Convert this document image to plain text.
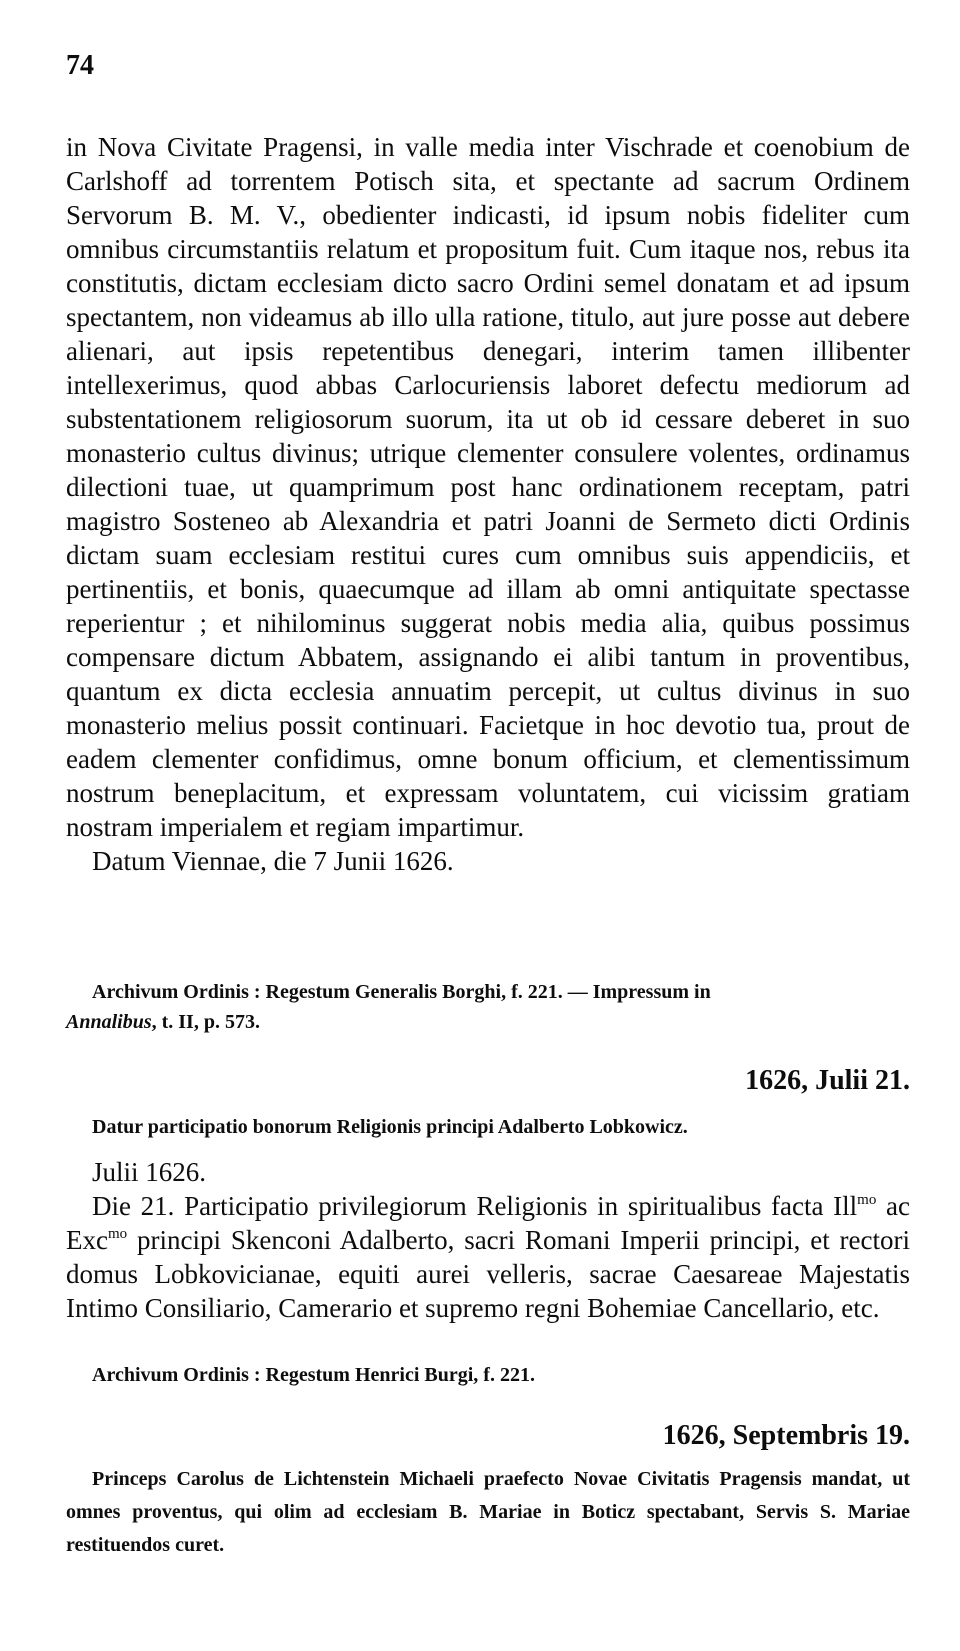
74

in Nova Civitate Pragensi, in valle media inter Vischrade et coenobium de Carlshoff ad torrentem Potisch sita, et spectante ad sacrum Ordinem Servorum B. M. V., obedienter indicasti, id ipsum nobis fideliter cum omnibus circumstantiis relatum et propositum fuit. Cum itaque nos, rebus ita constitutis, dictam ecclesiam dicto sacro Ordini semel donatam et ad ipsum spectantem, non videamus ab illo ulla ratione, titulo, aut jure posse aut debere alienari, aut ipsis repetentibus denegari, interim tamen illibenter intellexerimus, quod abbas Carlocuriensis laboret defectu mediorum ad substentationem religiosorum suorum, ita ut ob id cessare deberet in suo monasterio cultus divinus; utrique clementer consulere volentes, ordinamus dilectioni tuae, ut quamprimum post hanc ordinationem receptam, patri magistro Sosteneo ab Alexandria et patri Joanni de Sermeto dicti Ordinis dictam suam ecclesiam restitui cures cum omnibus suis appendiciis, et pertinentiis, et bonis, quaecumque ad illam ab omni antiquitate spectasse reperientur ; et nihilominus suggerat nobis media alia, quibus possimus compensare dictum Abbatem, assignando ei alibi tantum in proventibus, quantum ex dicta ecclesia annuatim percepit, ut cultus divinus in suo monasterio melius possit continuari. Facietque in hoc devotio tua, prout de eadem clementer confidimus, omne bonum officium, et clementissimum nostrum beneplacitum, et expressam voluntatem, cui vicissim gratiam nostram imperialem et regiam impartimur.

Datum Viennae, die 7 Junii 1626.

Archivum Ordinis : Regestum Generalis Borghi, f. 221. — Impressum in
Annalibus, t. II, p. 573.
1626, Julii 21.
Datur participatio bonorum Religionis principi Adalberto Lobkowicz.

Julii 1626.

Die 21. Participatio privilegiorum Religionis in spiritualibus facta Ill$^{mo}$ ac Exc$^{mo}$ principi Skenconi Adalberto, sacri Romani Imperii principi, et rectori domus Lobkovicianae, equiti aurei velleris, sacrae Caesareae Majestatis Intimo Consiliario, Camerario et supremo regni Bohemiae Cancellario, etc.

Archivum Ordinis : Regestum Henrici Burgi, f. 221.
1626, Septembris 19.
Princeps Carolus de Lichtenstein Michaeli praefecto Novae Civitatis Pragensis mandat, ut omnes proventus, qui olim ad ecclesiam B. Mariae in Boticz spectabant, Servis S. Mariae restituendos curet.
